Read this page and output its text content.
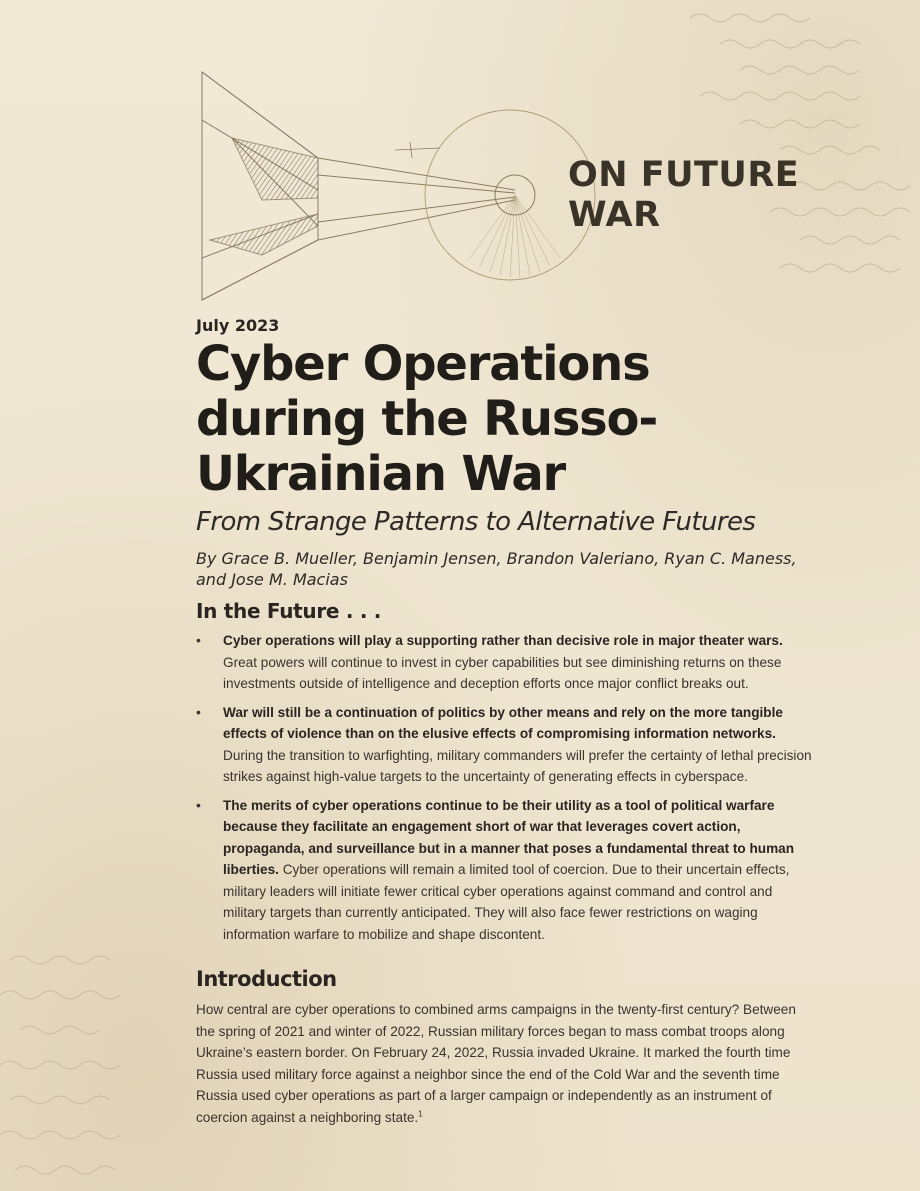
ON FUTURE WAR
July 2023
Cyber Operations during the Russo-Ukrainian War
From Strange Patterns to Alternative Futures
By Grace B. Mueller, Benjamin Jensen, Brandon Valeriano, Ryan C. Maness, and Jose M. Macias
In the Future . . .
• Cyber operations will play a supporting rather than decisive role in major theater wars. Great powers will continue to invest in cyber capabilities but see diminishing returns on these investments outside of intelligence and deception efforts once major conflict breaks out.
• War will still be a continuation of politics by other means and rely on the more tangible effects of violence than on the elusive effects of compromising information networks. During the transition to warfighting, military commanders will prefer the certainty of lethal precision strikes against high-value targets to the uncertainty of generating effects in cyberspace.
• The merits of cyber operations continue to be their utility as a tool of political warfare because they facilitate an engagement short of war that leverages covert action, propaganda, and surveillance but in a manner that poses a fundamental threat to human liberties. Cyber operations will remain a limited tool of coercion. Due to their uncertain effects, military leaders will initiate fewer critical cyber operations against command and control and military targets than currently anticipated. They will also face fewer restrictions on waging information warfare to mobilize and shape discontent.
Introduction

How central are cyber operations to combined arms campaigns in the twenty-first century? Between the spring of 2021 and winter of 2022, Russian military forces began to mass combat troops along Ukraine’s eastern border. On February 24, 2022, Russia invaded Ukraine. It marked the fourth time Russia used military force against a neighbor since the end of the Cold War and the seventh time Russia used cyber operations as part of a larger campaign or independently as an instrument of coercion against a neighboring state.$^1$
